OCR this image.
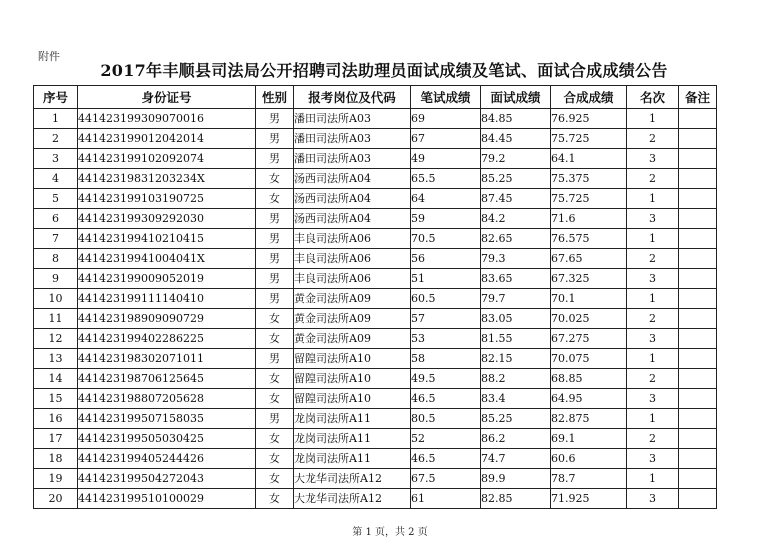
附件
2017年丰顺县司法局公开招聘司法助理员面试成绩及笔试、面试合成成绩公告
序号	身份证号	性别	报考岗位及代码	笔试成绩	面试成绩	合成成绩	名次	备注
1	441423199309070016	男	潘田司法所A03	69	84.85	76.925	1	
2	441423199012042014	男	潘田司法所A03	67	84.45	75.725	2	
3	441423199102092074	男	潘田司法所A03	49	79.2	64.1	3	
4	44142319831203234X	女	汤西司法所A04	65.5	85.25	75.375	2	
5	441423199103190725	女	汤西司法所A04	64	87.45	75.725	1	
6	441423199309292030	男	汤西司法所A04	59	84.2	71.6	3	
7	441423199410210415	男	丰良司法所A06	70.5	82.65	76.575	1	
8	44142319941004041X	男	丰良司法所A06	56	79.3	67.65	2	
9	441423199009052019	男	丰良司法所A06	51	83.65	67.325	3	
10	441423199111140410	男	黄金司法所A09	60.5	79.7	70.1	1	
11	441423198909090729	女	黄金司法所A09	57	83.05	70.025	2	
12	441423199402286225	女	黄金司法所A09	53	81.55	67.275	3	
13	441423198302071011	男	留隍司法所A10	58	82.15	70.075	1	
14	441423198706125645	女	留隍司法所A10	49.5	88.2	68.85	2	
15	441423198807205628	女	留隍司法所A10	46.5	83.4	64.95	3	
16	441423199507158035	男	龙岗司法所A11	80.5	85.25	82.875	1	
17	441423199505030425	女	龙岗司法所A11	52	86.2	69.1	2	
18	441423199405244426	女	龙岗司法所A11	46.5	74.7	60.6	3	
19	441423199504272043	女	大龙华司法所A12	67.5	89.9	78.7	1	
20	441423199510100029	女	大龙华司法所A12	61	82.85	71.925	3	
第 1 页，共 2 页
